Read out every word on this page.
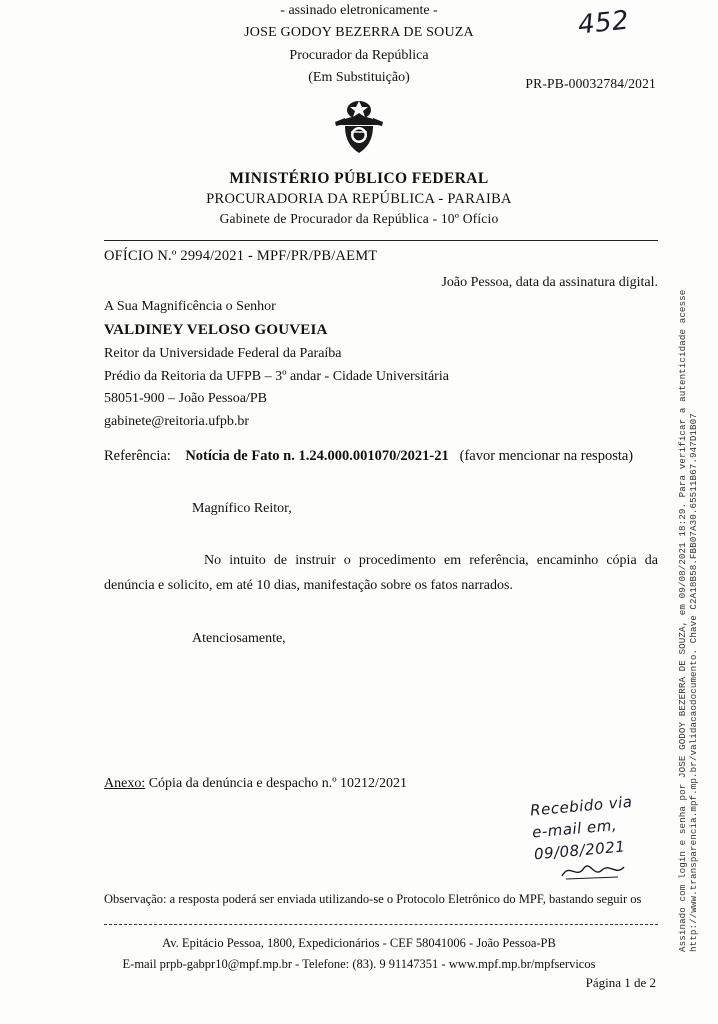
452
PR-PB-00032784/2021
MINISTÉRIO PÚBLICO FEDERAL
PROCURADORIA DA REPÚBLICA - PARAIBA
Gabinete de Procurador da República - 10º Ofício
OFÍCIO N.º 2994/2021 - MPF/PR/PB/AEMT
João Pessoa, data da assinatura digital.
A Sua Magnificência o Senhor
VALDINEY VELOSO GOUVEIA
Reitor da Universidade Federal da Paraíba
Prédio da Reitoria da UFPB – 3º andar - Cidade Universitária
58051-900 – João Pessoa/PB
gabinete@reitoria.ufpb.br
Referência: Notícia de Fato n. 1.24.000.001070/2021-21 (favor mencionar na resposta)
Magnífico Reitor,
No intuito de instruir o procedimento em referência, encaminho cópia da denúncia e solicito, em até 10 dias, manifestação sobre os fatos narrados.
Atenciosamente,
- assinado eletronicamente -
JOSE GODOY BEZERRA DE SOUZA
Procurador da República
(Em Substituição)
Anexo: Cópia da denúncia e despacho n.º 10212/2021
Recebido via
e-mail em,
09/08/2021
Observação: a resposta poderá ser enviada utilizando-se o Protocolo Eletrônico do MPF, bastando seguir os
Av. Epitácio Pessoa, 1800, Expedicionários - CEF 58041006 - João Pessoa-PB
E-mail prpb-gabpr10@mpf.mp.br - Telefone: (83). 9 91147351 - www.mpf.mp.br/mpfservicos
Página 1 de 2
Assinado com login e senha por JOSE GODOY BEZERRA DE SOUZA, em 09/08/2021 18:29. Para verificar a autenticidade acesse http://www.transparencia.mpf.mp.br/validacaodocumento. Chave C2A18B58.FBB07A30.65511B67.947D1B07
